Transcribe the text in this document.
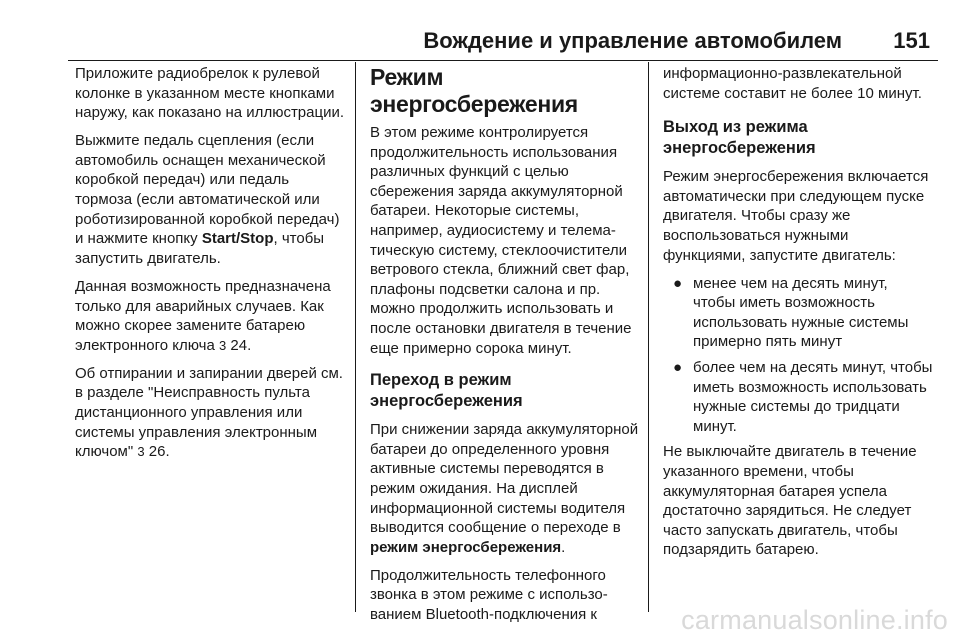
Вождение и управление автомобилем 151

Приложите радиобрелок к рулевой колонке в указанном месте кнопками наружу, как показано на иллюстрации.

Выжмите педаль сцепления (если автомобиль оснащен механической коробкой передач) или педаль тормоза (если автоматической или роботизированной коробкой передач) и нажмите кнопку Start/Stop, чтобы запустить двигатель.

Данная возможность предназначена только для аварийных случаев. Как можно скорее замените батарею электронного ключа 3 24.

Об отпирании и запирании дверей см. в разделе "Неисправность пульта дистанционного управления или системы управления электронным ключом" 3 26.

Режим энергосбережения

В этом режиме контролируется продолжительность использования различных функций с целью сбережения заряда аккумуляторной батареи. Некоторые системы, например, аудиосистему и телематическую систему, стеклоочистители ветрового стекла, ближний свет фар, плафоны подсветки салона и пр. можно продолжить использовать и после остановки двигателя в течение еще примерно сорока минут.

Переход в режим энергосбережения

При снижении заряда аккумуляторной батареи до определенного уровня активные системы переводятся в режим ожидания. На дисплей информационной системы водителя выводится сообщение о переходе в режим энергосбережения.

Продолжительность телефонного звонка в этом режиме с использованием Bluetooth-подключения к

информационно-развлекательной системе составит не более 10 минут.

Выход из режима энергосбережения

Режим энергосбережения включается автоматически при следующем пуске двигателя. Чтобы сразу же воспользоваться нужными функциями, запустите двигатель:

● менее чем на десять минут, чтобы иметь возможность использовать нужные системы примерно пять минут
● более чем на десять минут, чтобы иметь возможность использовать нужные системы до тридцати минут.

Не выключайте двигатель в течение указанного времени, чтобы аккумуляторная батарея успела достаточно зарядиться. Не следует часто запускать двигатель, чтобы подзарядить батарею.

carmanualsonline.info
